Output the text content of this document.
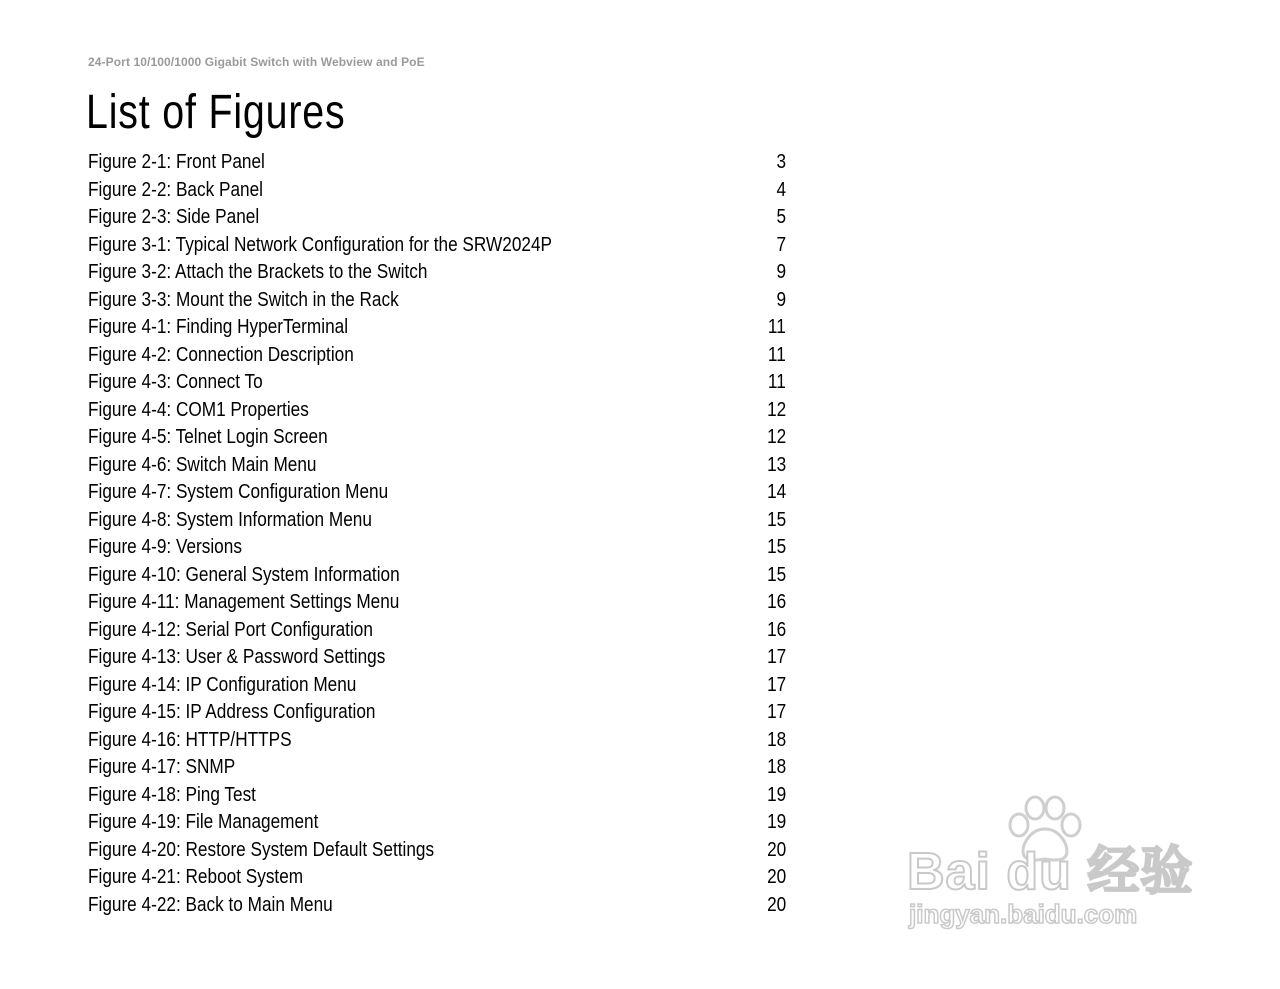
24-Port 10/100/1000 Gigabit Switch with Webview and PoE
List of Figures
Figure 2-1: Front Panel	3
Figure 2-2: Back Panel	4
Figure 2-3: Side Panel	5
Figure 3-1: Typical Network Configuration for the SRW2024P	7
Figure 3-2: Attach the Brackets to the Switch	9
Figure 3-3: Mount the Switch in the Rack	9
Figure 4-1: Finding HyperTerminal	11
Figure 4-2: Connection Description	11
Figure 4-3: Connect To	11
Figure 4-4: COM1 Properties	12
Figure 4-5: Telnet Login Screen	12
Figure 4-6: Switch Main Menu	13
Figure 4-7: System Configuration Menu	14
Figure 4-8: System Information Menu	15
Figure 4-9: Versions	15
Figure 4-10: General System Information	15
Figure 4-11: Management Settings Menu	16
Figure 4-12: Serial Port Configuration	16
Figure 4-13: User & Password Settings	17
Figure 4-14: IP Configuration Menu	17
Figure 4-15: IP Address Configuration	17
Figure 4-16: HTTP/HTTPS	18
Figure 4-17: SNMP	18
Figure 4-18: Ping Test	19
Figure 4-19: File Management	19
Figure 4-20: Restore System Default Settings	20
Figure 4-21: Reboot System	20
Figure 4-22: Back to Main Menu	20
Bai du 经验
jingyan.baidu.com
